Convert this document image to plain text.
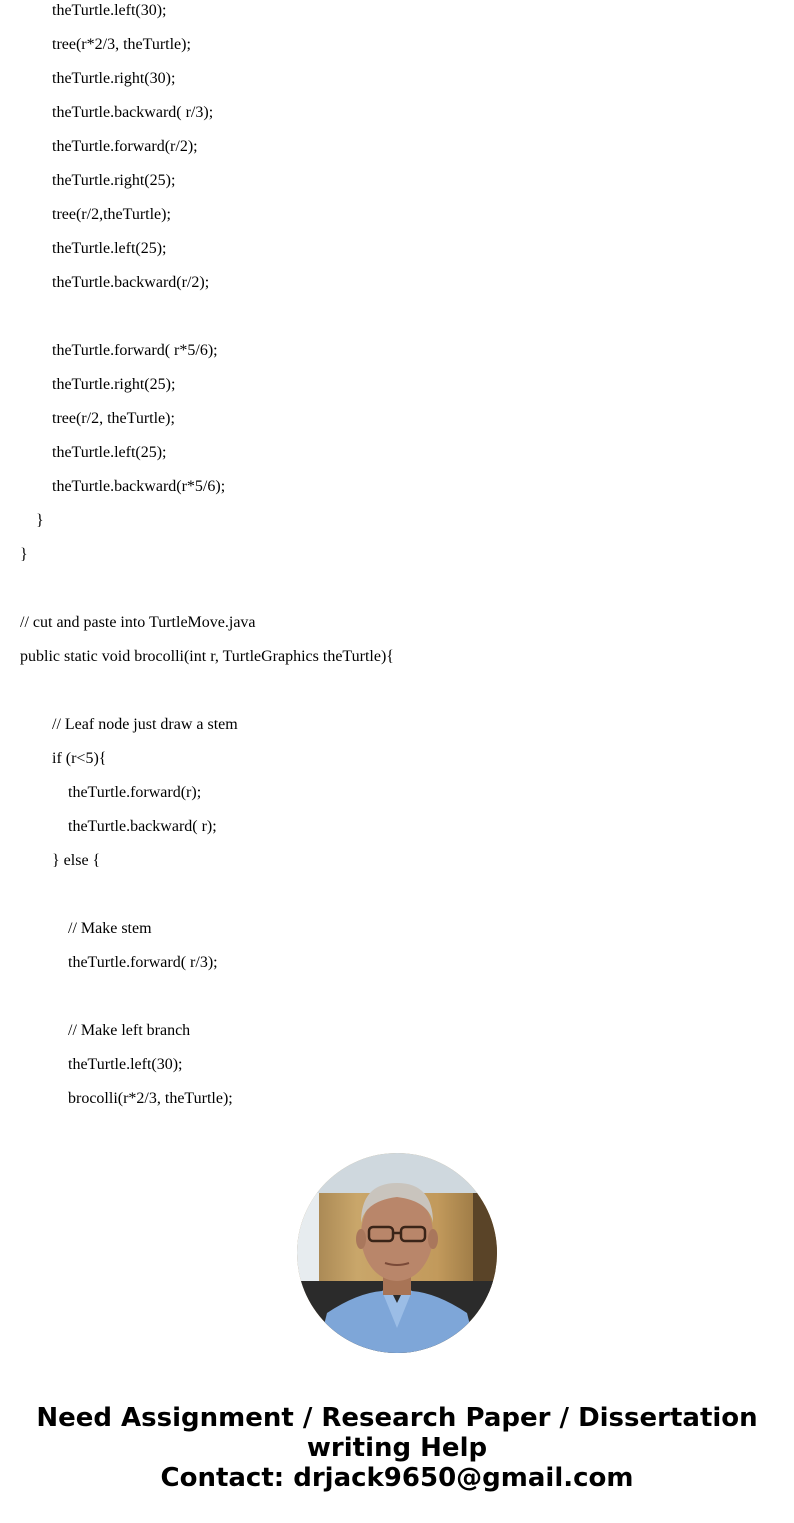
theTurtle.left(30);
tree(r*2/3, theTurtle);
theTurtle.right(30);
theTurtle.backward( r/3);
theTurtle.forward(r/2);
theTurtle.right(25);
tree(r/2,theTurtle);
theTurtle.left(25);
theTurtle.backward(r/2);
theTurtle.forward( r*5/6);
theTurtle.right(25);
tree(r/2, theTurtle);
theTurtle.left(25);
theTurtle.backward(r*5/6);
}
}
// cut and paste into TurtleMove.java
public static void brocolli(int r, TurtleGraphics theTurtle){
// Leaf node just draw a stem
if (r<5){
theTurtle.forward(r);
theTurtle.backward( r);
} else {
// Make stem
theTurtle.forward( r/3);
// Make left branch
theTurtle.left(30);
brocolli(r*2/3, theTurtle);
Need Assignment / Research Paper / Dissertation
writing Help
Contact: drjack9650@gmail.com
